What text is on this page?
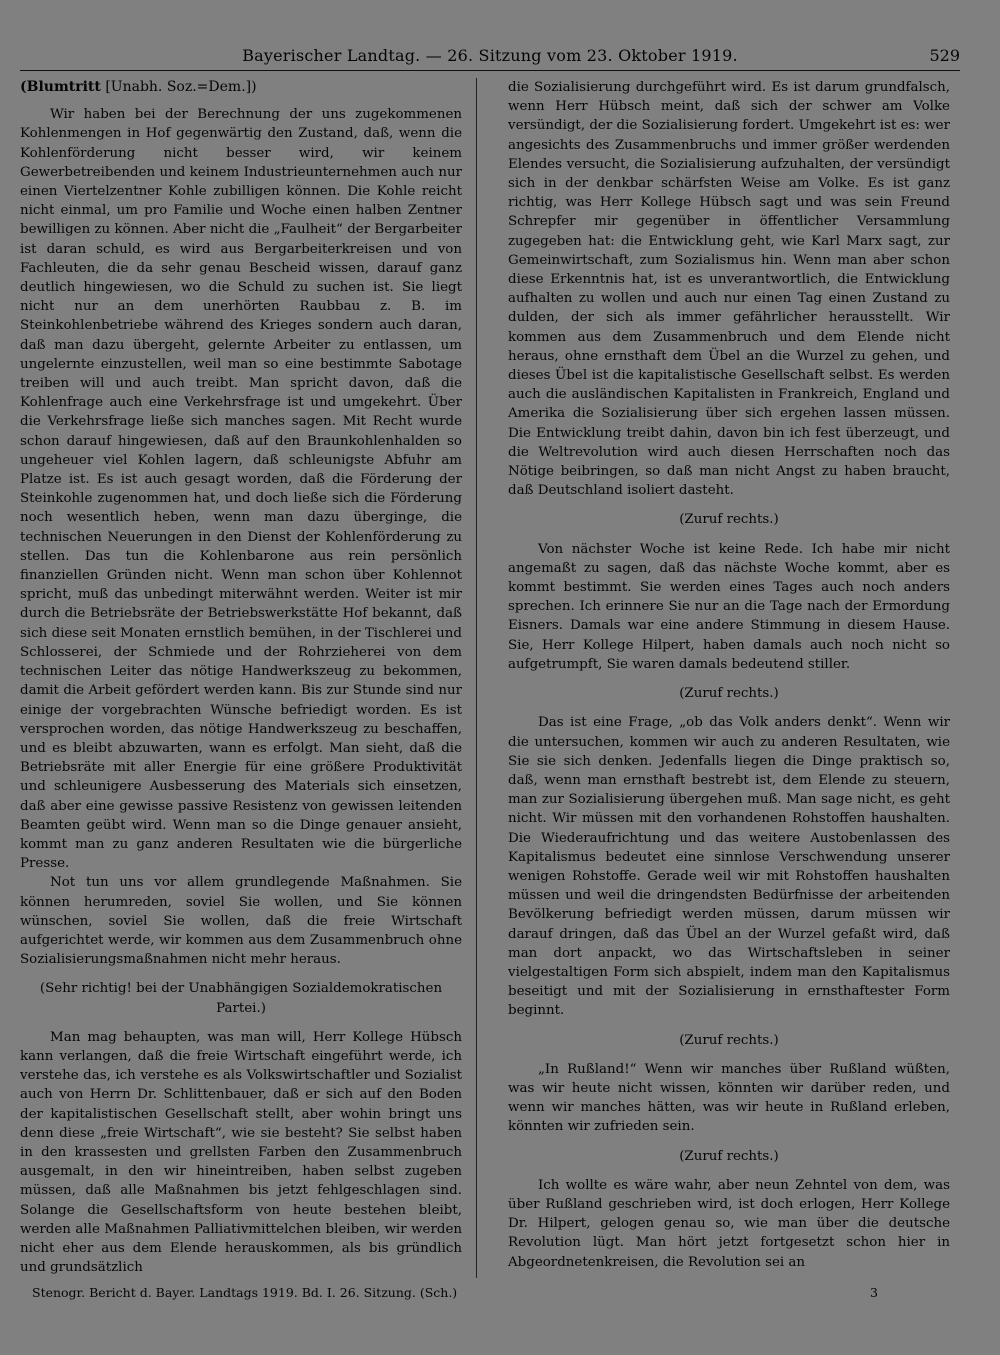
Bayerischer Landtag. — 26. Sitzung vom 23. Oktober 1919.	529
(Blumtritt [Unabh. Soz.=Dem.])

Wir haben bei der Berechnung der uns zugekommenen Kohlenmengen in Hof gegenwärtig den Zustand, daß, wenn die Kohlenförderung nicht besser wird, wir keinem Gewerbetreibenden und keinem Industrieunternehmen auch nur einen Viertelzentner Kohle zubilligen können. Die Kohle reicht nicht einmal, um pro Familie und Woche einen halben Zentner bewilligen zu können. Aber nicht die „Faulheit“ der Bergarbeiter ist daran schuld, es wird aus Bergarbeiterkreisen und von Fachleuten, die da sehr genau Bescheid wissen, darauf ganz deutlich hingewiesen, wo die Schuld zu suchen ist. Sie liegt nicht nur an dem unerhörten Raubbau z. B. im Steinkohlenbetriebe während des Krieges sondern auch daran, daß man dazu übergeht, gelernte Arbeiter zu entlassen, um ungelernte einzustellen, weil man so eine bestimmte Sabotage treiben will und auch treibt. Man spricht davon, daß die Kohlenfrage auch eine Verkehrsfrage ist und umgekehrt. Über die Verkehrsfrage ließe sich manches sagen. Mit Recht wurde schon darauf hingewiesen, daß auf den Braunkohlenhalden so ungeheuer viel Kohlen lagern, daß schleunigste Abfuhr am Platze ist. Es ist auch gesagt worden, daß die Förderung der Steinkohle zugenommen hat, und doch ließe sich die Förderung noch wesentlich heben, wenn man dazu überginge, die technischen Neuerungen in den Dienst der Kohlenförderung zu stellen. Das tun die Kohlenbarone aus rein persönlich finanziellen Gründen nicht. Wenn man schon über Kohlennot spricht, muß das unbedingt miterwähnt werden. Weiter ist mir durch die Betriebsräte der Betriebswerkstätte Hof bekannt, daß sich diese seit Monaten ernstlich bemühen, in der Tischlerei und Schlosserei, der Schmiede und der Rohrzieherei von dem technischen Leiter das nötige Handwerkszeug zu bekommen, damit die Arbeit gefördert werden kann. Bis zur Stunde sind nur einige der vorgebrachten Wünsche befriedigt worden. Es ist versprochen worden, das nötige Handwerkszeug zu beschaffen, und es bleibt abzuwarten, wann es erfolgt. Man sieht, daß die Betriebsräte mit aller Energie für eine größere Produktivität und schleunigere Ausbesserung des Materials sich einsetzen, daß aber eine gewisse passive Resistenz von gewissen leitenden Beamten geübt wird. Wenn man so die Dinge genauer ansieht, kommt man zu ganz anderen Resultaten wie die bürgerliche Presse.

Not tun uns vor allem grundlegende Maßnahmen. Sie können herumreden, soviel Sie wollen, und Sie können wünschen, soviel Sie wollen, daß die freie Wirtschaft aufgerichtet werde, wir kommen aus dem Zusammenbruch ohne Sozialisierungsmaßnahmen nicht mehr heraus.

(Sehr richtig! bei der Unabhängigen Sozialdemokratischen Partei.)

Man mag behaupten, was man will, Herr Kollege Hübsch kann verlangen, daß die freie Wirtschaft eingeführt werde, ich verstehe das, ich verstehe es als Volkswirtschaftler und Sozialist auch von Herrn Dr. Schlittenbauer, daß er sich auf den Boden der kapitalistischen Gesellschaft stellt, aber wohin bringt uns denn diese „freie Wirtschaft“, wie sie besteht? Sie selbst haben in den krassesten und grellsten Farben den Zusammenbruch ausgemalt, in den wir hineintreiben, haben selbst zugeben müssen, daß alle Maßnahmen bis jetzt fehlgeschlagen sind. Solange die Gesellschaftsform von heute bestehen bleibt, werden alle Maßnahmen Palliativmittelchen bleiben, wir werden nicht eher aus dem Elende herauskommen, als bis gründlich und grundsätzlich

die Sozialisierung durchgeführt wird. Es ist darum grundfalsch, wenn Herr Hübsch meint, daß sich der schwer am Volke versündigt, der die Sozialisierung fordert. Umgekehrt ist es: wer angesichts des Zusammenbruchs und immer größer werdenden Elendes versucht, die Sozialisierung aufzuhalten, der versündigt sich in der denkbar schärfsten Weise am Volke. Es ist ganz richtig, was Herr Kollege Hübsch sagt und was sein Freund Schrepfer mir gegenüber in öffentlicher Versammlung zugegeben hat: die Entwicklung geht, wie Karl Marx sagt, zur Gemeinwirtschaft, zum Sozialismus hin. Wenn man aber schon diese Erkenntnis hat, ist es unverantwortlich, die Entwicklung aufhalten zu wollen und auch nur einen Tag einen Zustand zu dulden, der sich als immer gefährlicher herausstellt. Wir kommen aus dem Zusammenbruch und dem Elende nicht heraus, ohne ernsthaft dem Übel an die Wurzel zu gehen, und dieses Übel ist die kapitalistische Gesellschaft selbst. Es werden auch die ausländischen Kapitalisten in Frankreich, England und Amerika die Sozialisierung über sich ergehen lassen müssen. Die Entwicklung treibt dahin, davon bin ich fest überzeugt, und die Weltrevolution wird auch diesen Herrschaften noch das Nötige beibringen, so daß man nicht Angst zu haben braucht, daß Deutschland isoliert dasteht.

(Zuruf rechts.)

Von nächster Woche ist keine Rede. Ich habe mir nicht angemaßt zu sagen, daß das nächste Woche kommt, aber es kommt bestimmt. Sie werden eines Tages auch noch anders sprechen. Ich erinnere Sie nur an die Tage nach der Ermordung Eisners. Damals war eine andere Stimmung in diesem Hause. Sie, Herr Kollege Hilpert, haben damals auch noch nicht so aufgetrumpft, Sie waren damals bedeutend stiller.

(Zuruf rechts.)

Das ist eine Frage, „ob das Volk anders denkt“. Wenn wir die untersuchen, kommen wir auch zu anderen Resultaten, wie Sie sie sich denken. Jedenfalls liegen die Dinge praktisch so, daß, wenn man ernsthaft bestrebt ist, dem Elende zu steuern, man zur Sozialisierung übergehen muß. Man sage nicht, es geht nicht. Wir müssen mit den vorhandenen Rohstoffen haushalten. Die Wiederaufrichtung und das weitere Austobenlassen des Kapitalismus bedeutet eine sinnlose Verschwendung unserer wenigen Rohstoffe. Gerade weil wir mit Rohstoffen haushalten müssen und weil die dringendsten Bedürfnisse der arbeitenden Bevölkerung befriedigt werden müssen, darum müssen wir darauf dringen, daß das Übel an der Wurzel gefaßt wird, daß man dort anpackt, wo das Wirtschaftsleben in seiner vielgestaltigen Form sich abspielt, indem man den Kapitalismus beseitigt und mit der Sozialisierung in ernsthaftester Form beginnt.

(Zuruf rechts.)

„In Rußland!“ Wenn wir manches über Rußland wüßten, was wir heute nicht wissen, könnten wir darüber reden, und wenn wir manches hätten, was wir heute in Rußland erleben, könnten wir zufrieden sein.

(Zuruf rechts.)

Ich wollte es wäre wahr, aber neun Zehntel von dem, was über Rußland geschrieben wird, ist doch erlogen, Herr Kollege Dr. Hilpert, gelogen genau so, wie man über die deutsche Revolution lügt. Man hört jetzt fortgesetzt schon hier in Abgeordnetenkreisen, die Revolution sei an

Stenogr. Bericht d. Bayer. Landtags 1919. Bd. I. 26. Sitzung. (Sch.)	3
